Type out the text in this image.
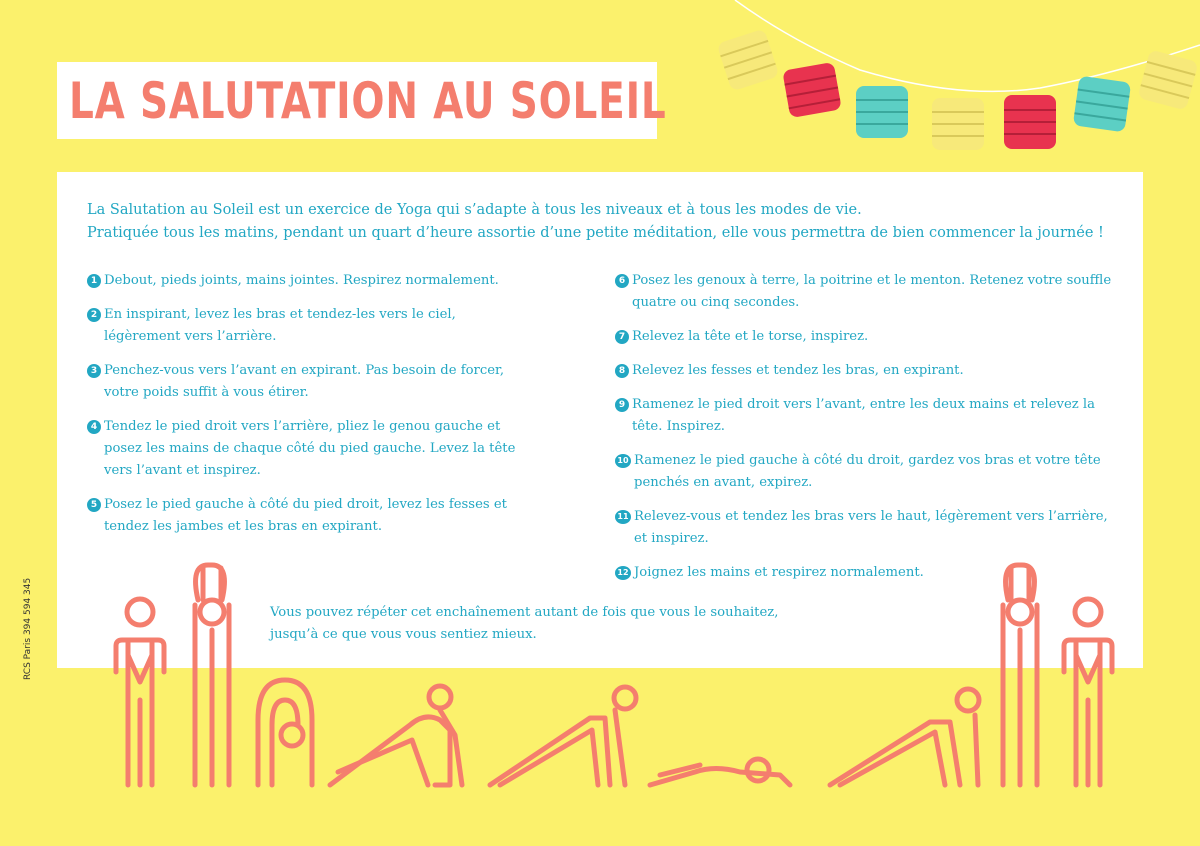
LA SALUTATION AU SOLEIL
La Salutation au Soleil est un exercice de Yoga qui s’adapte à tous les niveaux et à tous les modes de vie.
Pratiquée tous les matins, pendant un quart d’heure assortie d’une petite méditation, elle vous permettra de bien commencer la journée !
1 Debout, pieds joints, mains jointes. Respirez normalement.
2 En inspirant, levez les bras et tendez-les vers le ciel, légèrement vers l’arrière.
3 Penchez-vous vers l’avant en expirant. Pas besoin de forcer, votre poids suffit à vous étirer.
4 Tendez le pied droit vers l’arrière, pliez le genou gauche et posez les mains de chaque côté du pied gauche. Levez la tête vers l’avant et inspirez.
5 Posez le pied gauche à côté du pied droit, levez les fesses et tendez les jambes et les bras en expirant.
6 Posez les genoux à terre, la poitrine et le menton. Retenez votre souffle quatre ou cinq secondes.
7 Relevez la tête et le torse, inspirez.
8 Relevez les fesses et tendez les bras, en expirant.
9 Ramenez le pied droit vers l’avant, entre les deux mains et relevez la tête. Inspirez.
10 Ramenez le pied gauche à côté du droit, gardez vos bras et votre tête penchés en avant, expirez.
11 Relevez-vous et tendez les bras vers le haut, légèrement vers l’arrière, et inspirez.
12 Joignez les mains et respirez normalement.
Vous pouvez répéter cet enchaînement autant de fois que vous le souhaitez,
jusqu’à ce que vous vous sentiez mieux.
RCS Paris 394 594 345
